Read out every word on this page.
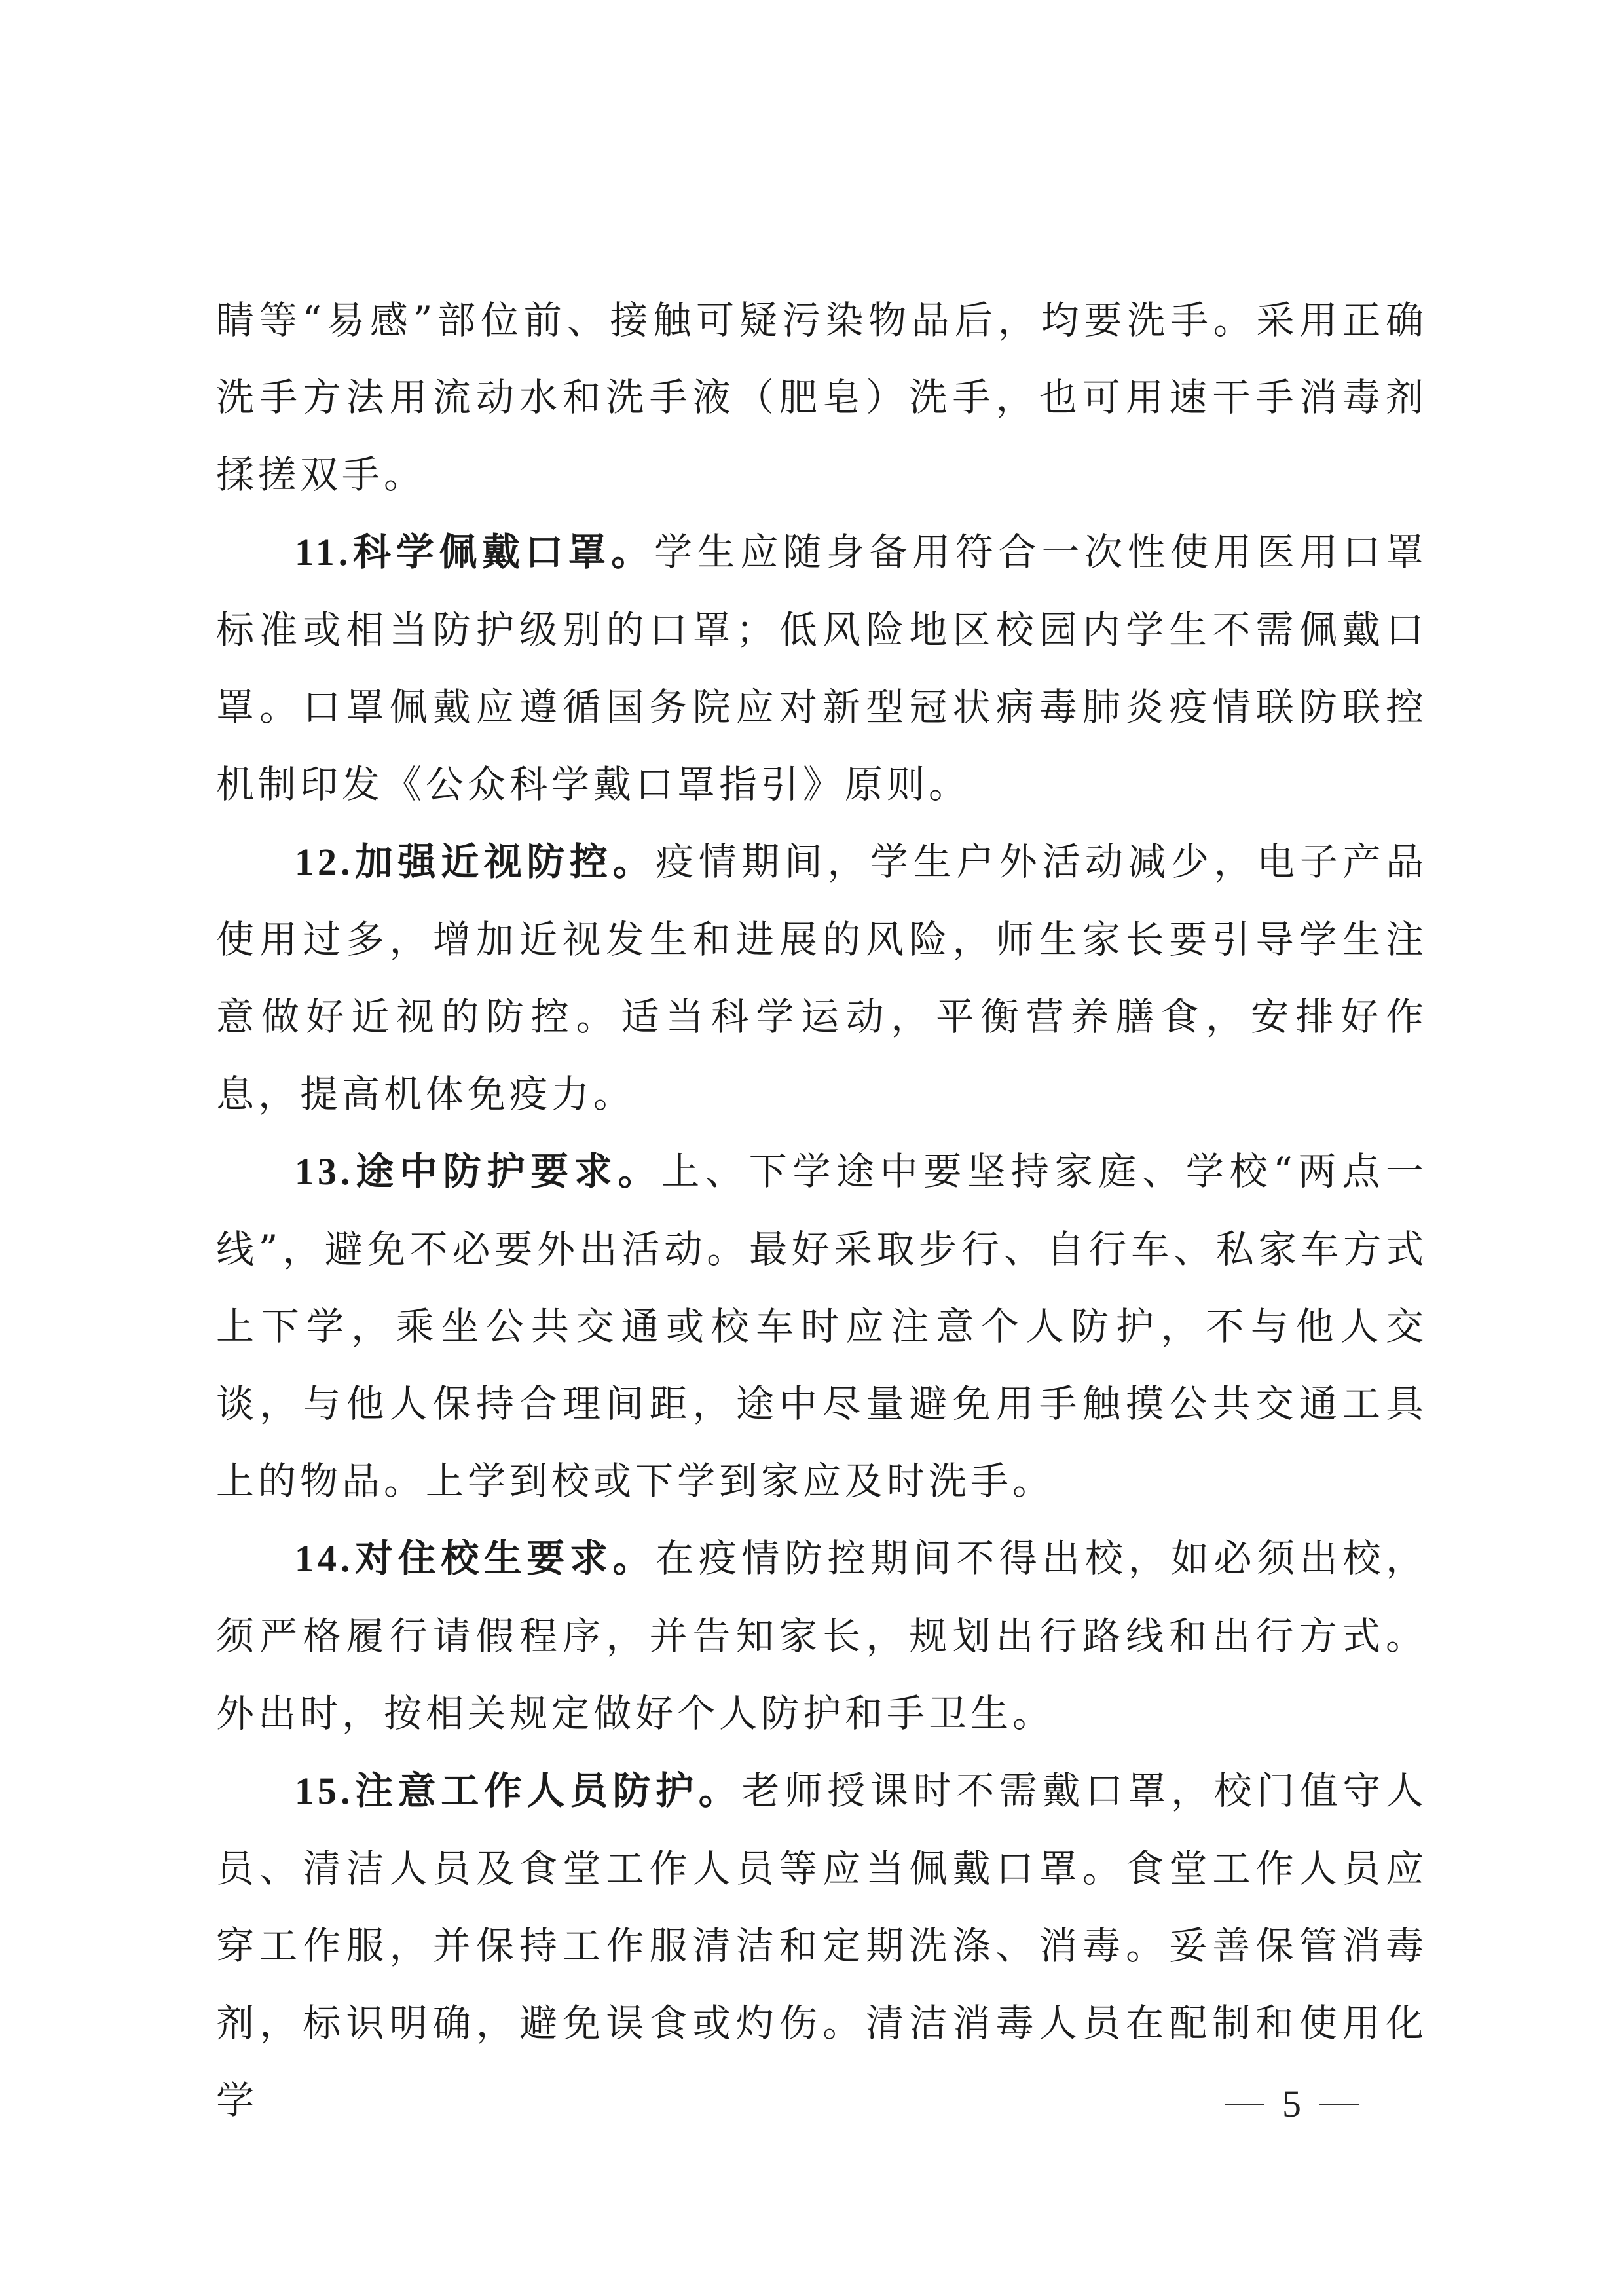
睛等“易感”部位前、接触可疑污染物品后，均要洗手。采用正确洗手方法用流动水和洗手液（肥皂）洗手，也可用速干手消毒剂揉搓双手。

11.科学佩戴口罩。学生应随身备用符合一次性使用医用口罩标准或相当防护级别的口罩；低风险地区校园内学生不需佩戴口罩。口罩佩戴应遵循国务院应对新型冠状病毒肺炎疫情联防联控机制印发《公众科学戴口罩指引》原则。

12.加强近视防控。疫情期间，学生户外活动减少，电子产品使用过多，增加近视发生和进展的风险，师生家长要引导学生注意做好近视的防控。适当科学运动，平衡营养膳食，安排好作息，提高机体免疫力。

13.途中防护要求。上、下学途中要坚持家庭、学校“两点一线”，避免不必要外出活动。最好采取步行、自行车、私家车方式上下学，乘坐公共交通或校车时应注意个人防护，不与他人交谈，与他人保持合理间距，途中尽量避免用手触摸公共交通工具上的物品。上学到校或下学到家应及时洗手。

14.对住校生要求。在疫情防控期间不得出校，如必须出校，须严格履行请假程序，并告知家长，规划出行路线和出行方式。外出时，按相关规定做好个人防护和手卫生。

15.注意工作人员防护。老师授课时不需戴口罩，校门值守人员、清洁人员及食堂工作人员等应当佩戴口罩。食堂工作人员应穿工作服，并保持工作服清洁和定期洗涤、消毒。妥善保管消毒剂，标识明确，避免误食或灼伤。清洁消毒人员在配制和使用化学	5
